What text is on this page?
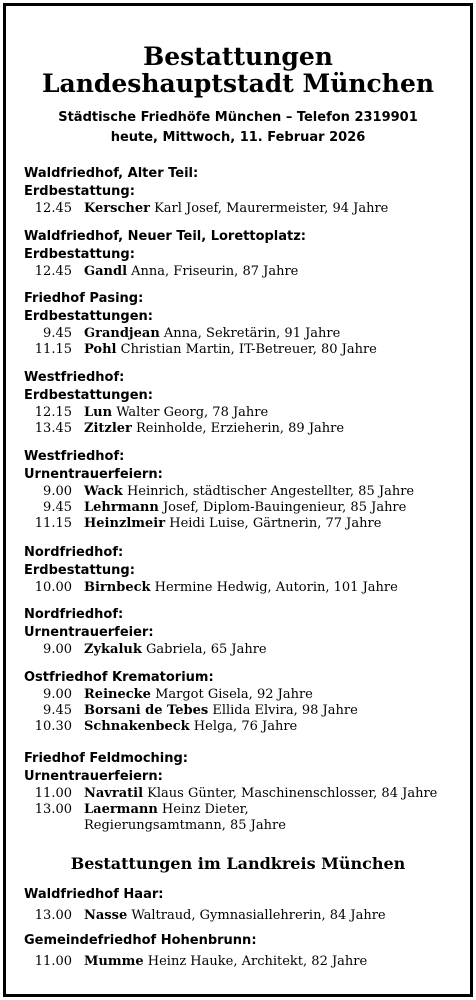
Bestattungen
Landeshauptstadt München
Städtische Friedhöfe München – Telefon 2319901
heute, Mittwoch, 11. Februar 2026
Waldfriedhof, Alter Teil:
Erdbestattung:
12.45 Kerscher Karl Josef, Maurermeister, 94 Jahre
Waldfriedhof, Neuer Teil, Lorettoplatz:
Erdbestattung:
12.45 Gandl Anna, Friseurin, 87 Jahre
Friedhof Pasing:
Erdbestattungen:
9.45 Grandjean Anna, Sekretärin, 91 Jahre
11.15 Pohl Christian Martin, IT-Betreuer, 80 Jahre
Westfriedhof:
Erdbestattungen:
12.15 Lun Walter Georg, 78 Jahre
13.45 Zitzler Reinholde, Erzieherin, 89 Jahre
Westfriedhof:
Urnentrauerfeiern:
9.00 Wack Heinrich, städtischer Angestellter, 85 Jahre
9.45 Lehrmann Josef, Diplom-Bauingenieur, 85 Jahre
11.15 Heinzlmeir Heidi Luise, Gärtnerin, 77 Jahre
Nordfriedhof:
Erdbestattung:
10.00 Birnbeck Hermine Hedwig, Autorin, 101 Jahre
Nordfriedhof:
Urnentrauerfeier:
9.00 Zykaluk Gabriela, 65 Jahre
Ostfriedhof Krematorium:
9.00 Reinecke Margot Gisela, 92 Jahre
9.45 Borsani de Tebes Ellida Elvira, 98 Jahre
10.30 Schnakenbeck Helga, 76 Jahre
Friedhof Feldmoching:
Urnentrauerfeiern:
11.00 Navratil Klaus Günter, Maschinenschlosser, 84 Jahre
13.00 Laermann Heinz Dieter,
Regierungsamtmann, 85 Jahre
Bestattungen im Landkreis München
Waldfriedhof Haar:
13.00 Nasse Waltraud, Gymnasiallehrerin, 84 Jahre
Gemeindefriedhof Hohenbrunn:
11.00 Mumme Heinz Hauke, Architekt, 82 Jahre
